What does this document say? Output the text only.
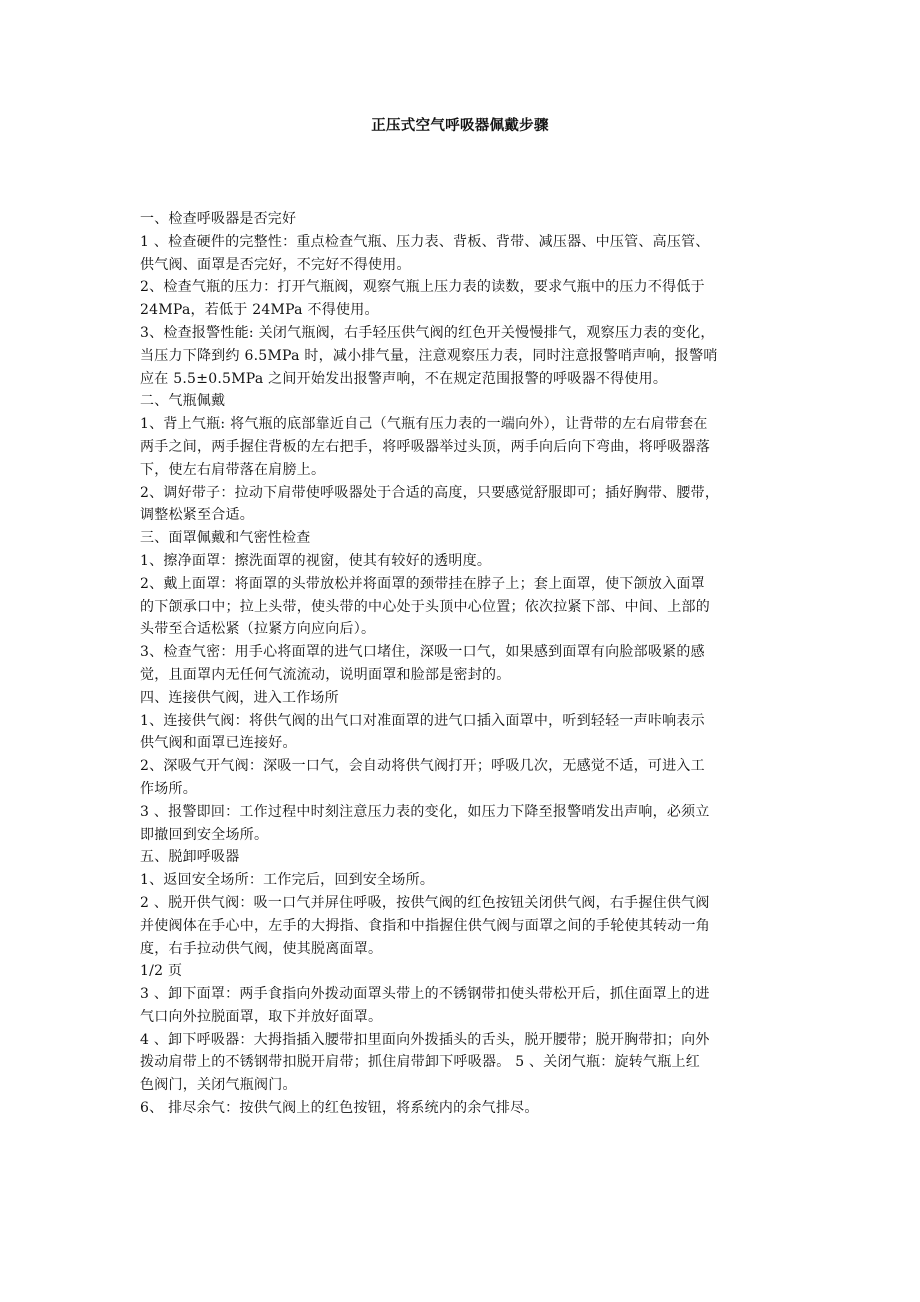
正压式空气呼吸器佩戴步骤
一、检查呼吸器是否完好
1 、检查硬件的完整性：重点检查气瓶、压力表、背板、背带、减压器、中压管、高压管、
供气阀、面罩是否完好，不完好不得使用。
2、检查气瓶的压力：打开气瓶阀，观察气瓶上压力表的读数，要求气瓶中的压力不得低于
24MPa，若低于 24MPa 不得使用。
3、检查报警性能: 关闭气瓶阀，右手轻压供气阀的红色开关慢慢排气，观察压力表的变化，
当压力下降到约 6.5MPa 时，减小排气量，注意观察压力表，同时注意报警哨声响，报警哨
应在 5.5±0.5MPa 之间开始发出报警声响，不在规定范围报警的呼吸器不得使用。
二、气瓶佩戴
1、背上气瓶: 将气瓶的底部靠近自己（气瓶有压力表的一端向外），让背带的左右肩带套在
两手之间，两手握住背板的左右把手，将呼吸器举过头顶，两手向后向下弯曲，将呼吸器落
下，使左右肩带落在肩膀上。
2、调好带子：拉动下肩带使呼吸器处于合适的高度，只要感觉舒服即可；插好胸带、腰带，
调整松紧至合适。
三、面罩佩戴和气密性检查
1、擦净面罩：擦洗面罩的视窗，使其有较好的透明度。
2、戴上面罩：将面罩的头带放松并将面罩的颈带挂在脖子上；套上面罩，使下颌放入面罩
的下颌承口中；拉上头带，使头带的中心处于头顶中心位置；依次拉紧下部、中间、上部的
头带至合适松紧（拉紧方向应向后）。
3、检查气密：用手心将面罩的进气口堵住，深吸一口气，如果感到面罩有向脸部吸紧的感
觉，且面罩内无任何气流流动，说明面罩和脸部是密封的。
四、连接供气阀，进入工作场所
1、连接供气阀：将供气阀的出气口对准面罩的进气口插入面罩中，听到轻轻一声咔响表示
供气阀和面罩已连接好。
2、深吸气开气阀：深吸一口气，会自动将供气阀打开；呼吸几次，无感觉不适，可进入工
作场所。
3 、报警即回：工作过程中时刻注意压力表的变化，如压力下降至报警哨发出声响，必须立
即撤回到安全场所。
五、脱卸呼吸器
1、返回安全场所：工作完后，回到安全场所。
2 、脱开供气阀：吸一口气并屏住呼吸，按供气阀的红色按钮关闭供气阀，右手握住供气阀
并使阀体在手心中，左手的大拇指、食指和中指握住供气阀与面罩之间的手轮使其转动一角
度，右手拉动供气阀，使其脱离面罩。
1/2 页
3 、卸下面罩：两手食指向外拨动面罩头带上的不锈钢带扣使头带松开后，抓住面罩上的进
气口向外拉脱面罩，取下并放好面罩。
4 、卸下呼吸器：大拇指插入腰带扣里面向外拨插头的舌头，脱开腰带；脱开胸带扣；向外
拨动肩带上的不锈钢带扣脱开肩带；抓住肩带卸下呼吸器。 5 、关闭气瓶：旋转气瓶上红
色阀门，关闭气瓶阀门。
6、 排尽余气：按供气阀上的红色按钮，将系统内的余气排尽。
